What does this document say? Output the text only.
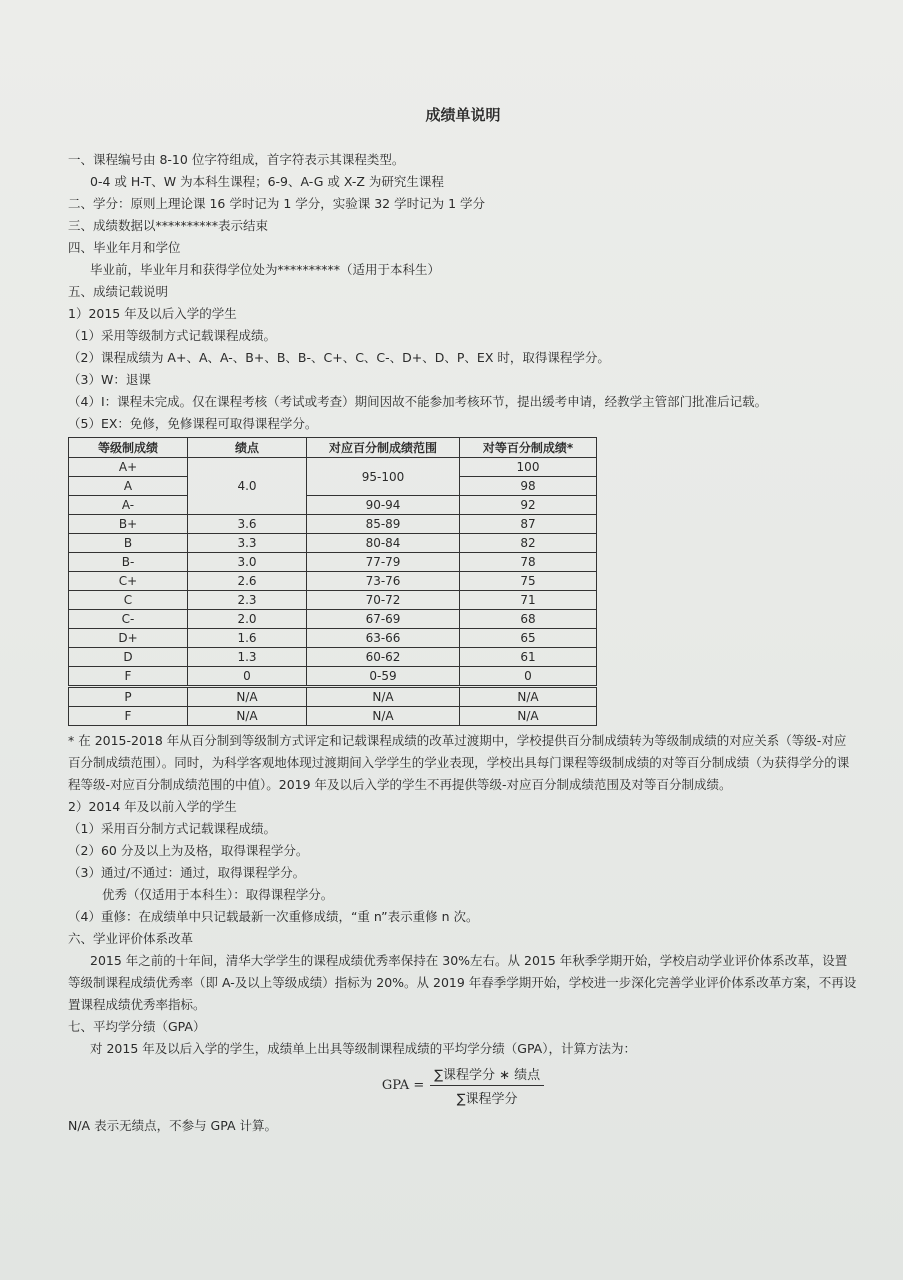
成绩单说明
一、课程编号由 8-10 位字符组成，首字符表示其课程类型。
0-4 或 H-T、W 为本科生课程；6-9、A-G 或 X-Z 为研究生课程
二、学分：原则上理论课 16 学时记为 1 学分，实验课 32 学时记为 1 学分
三、成绩数据以**********表示结束
四、毕业年月和学位
毕业前，毕业年月和获得学位处为**********（适用于本科生）
五、成绩记载说明
1）2015 年及以后入学的学生
（1）采用等级制方式记载课程成绩。
（2）课程成绩为 A+、A、A-、B+、B、B-、C+、C、C-、D+、D、P、EX 时，取得课程学分。
（3）W：退课
（4）I：课程未完成。仅在课程考核（考试或考查）期间因故不能参加考核环节，提出缓考申请，经教学主管部门批准后记载。
（5）EX：免修，免修课程可取得课程学分。
等级制成绩	绩点	对应百分制成绩范围	对等百分制成绩*
A+	4.0	95-100	100
A			98
A-		90-94	92
B+	3.6	85-89	87
B	3.3	80-84	82
B-	3.0	77-79	78
C+	2.6	73-76	75
C	2.3	70-72	71
C-	2.0	67-69	68
D+	1.6	63-66	65
D	1.3	60-62	61
F	0	0-59	0
P	N/A	N/A	N/A
F	N/A	N/A	N/A
* 在 2015-2018 年从百分制到等级制方式评定和记载课程成绩的改革过渡期中，学校提供百分制成绩转为等级制成绩的对应关系（等级-对应百分制成绩范围）。同时，为科学客观地体现过渡期间入学学生的学业表现，学校出具每门课程等级制成绩的对等百分制成绩（为获得学分的课程等级-对应百分制成绩范围的中值）。2019 年及以后入学的学生不再提供等级-对应百分制成绩范围及对等百分制成绩。
2）2014 年及以前入学的学生
（1）采用百分制方式记载课程成绩。
（2）60 分及以上为及格，取得课程学分。
（3）通过/不通过：通过，取得课程学分。
优秀（仅适用于本科生）：取得课程学分。
（4）重修：在成绩单中只记载最新一次重修成绩，“重 n”表示重修 n 次。
六、学业评价体系改革
2015 年之前的十年间，清华大学学生的课程成绩优秀率保持在 30%左右。从 2015 年秋季学期开始，学校启动学业评价体系改革，设置等级制课程成绩优秀率（即 A-及以上等级成绩）指标为 20%。从 2019 年春季学期开始，学校进一步深化完善学业评价体系改革方案，不再设置课程成绩优秀率指标。
七、平均学分绩（GPA）
对 2015 年及以后入学的学生，成绩单上出具等级制课程成绩的平均学分绩（GPA），计算方法为：
GPA = $\frac{\text{∑课程学分 ∗ 绩点}}{\text{∑课程学分}}$
N/A 表示无绩点，不参与 GPA 计算。
